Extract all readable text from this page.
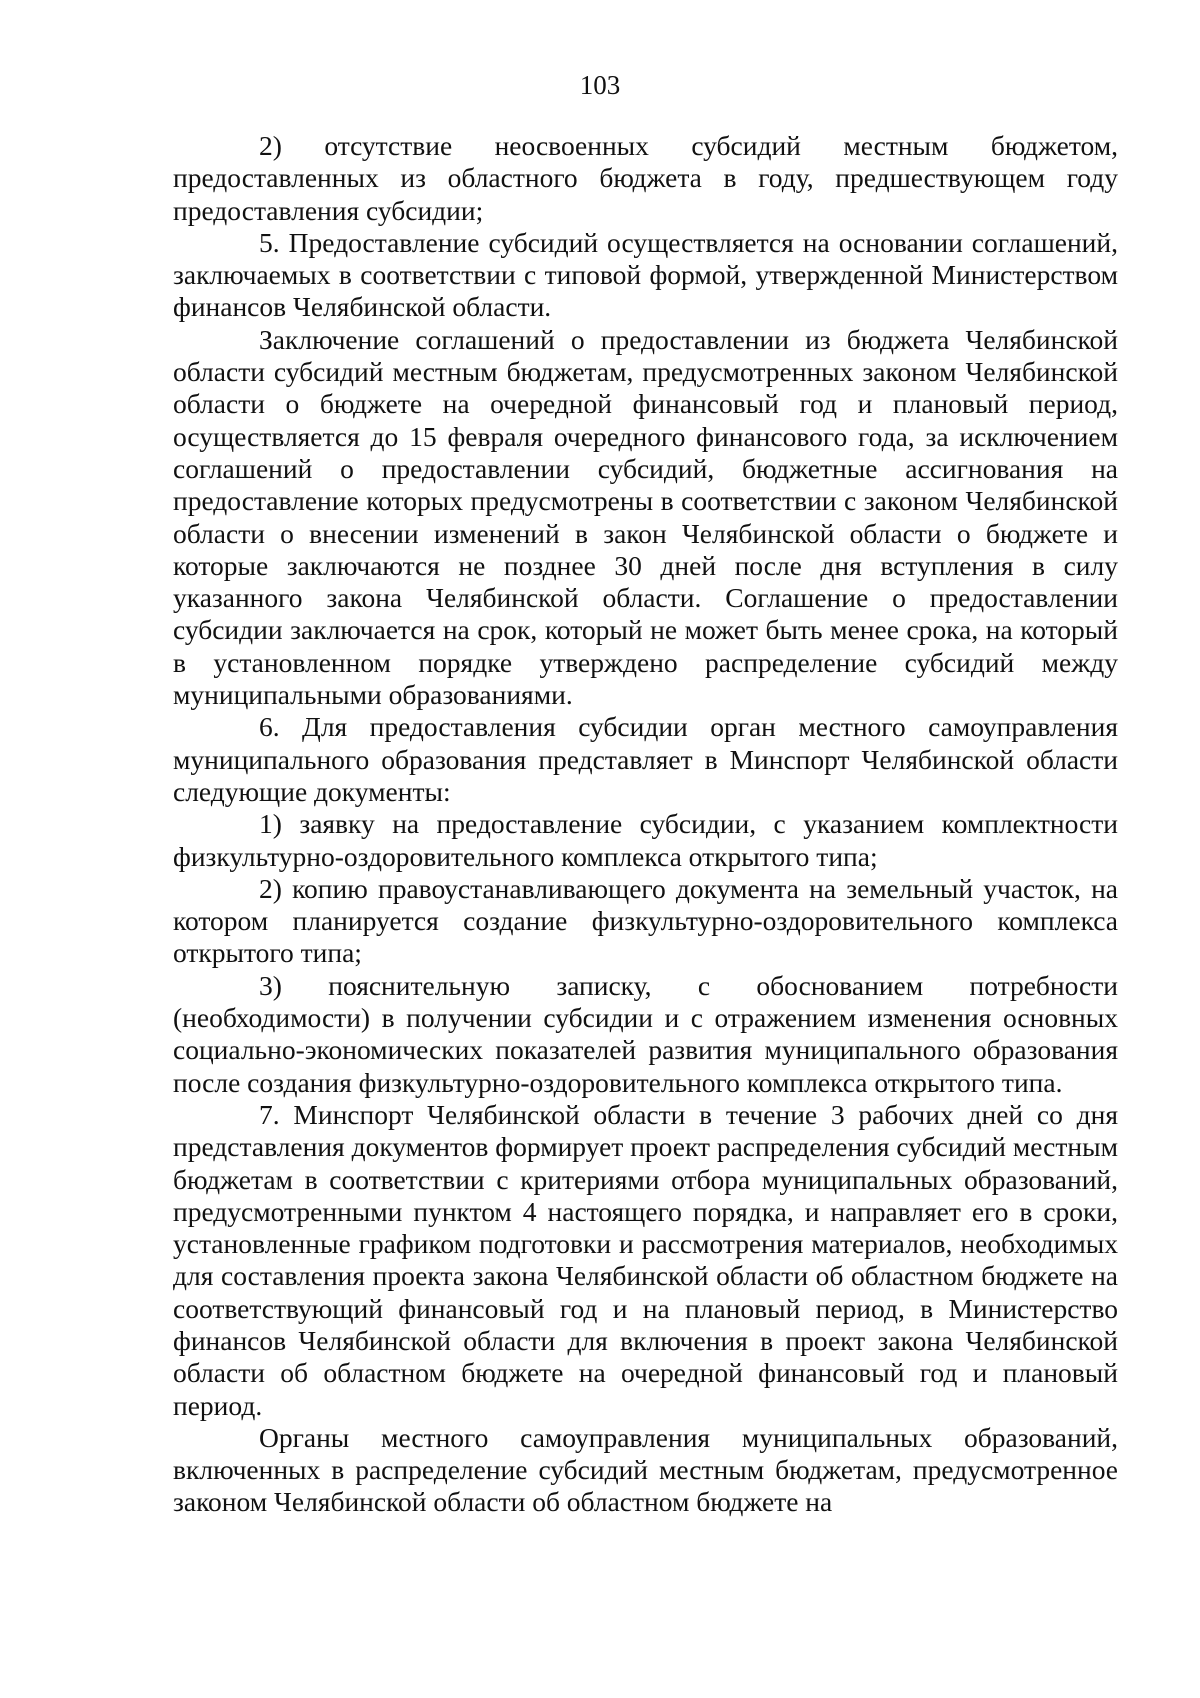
103

2) отсутствие неосвоенных субсидий местным бюджетом, предоставленных из областного бюджета в году, предшествующем году предоставления субсидии;

5. Предоставление субсидий осуществляется на основании соглашений, заключаемых в соответствии с типовой формой, утвержденной Министерством финансов Челябинской области.

Заключение соглашений о предоставлении из бюджета Челябинской области субсидий местным бюджетам, предусмотренных законом Челябинской области о бюджете на очередной финансовый год и плановый период, осуществляется до 15 февраля очередного финансового года, за исключением соглашений о предоставлении субсидий, бюджетные ассигнования на предоставление которых предусмотрены в соответствии с законом Челябинской области о внесении изменений в закон Челябинской области о бюджете и которые заключаются не позднее 30 дней после дня вступления в силу указанного закона Челябинской области. Соглашение о предоставлении субсидии заключается на срок, который не может быть менее срока, на который в установленном порядке утверждено распределение субсидий между муниципальными образованиями.

6. Для предоставления субсидии орган местного самоуправления муниципального образования представляет в Минспорт Челябинской области следующие документы:

1) заявку на предоставление субсидии, с указанием комплектности физкультурно-оздоровительного комплекса открытого типа;

2) копию правоустанавливающего документа на земельный участок, на котором планируется создание физкультурно-оздоровительного комплекса открытого типа;

3) пояснительную записку, с обоснованием потребности (необходимости) в получении субсидии и с отражением изменения основных социально-экономических показателей развития муниципального образования после создания физкультурно-оздоровительного комплекса открытого типа.

7. Минспорт Челябинской области в течение 3 рабочих дней со дня представления документов формирует проект распределения субсидий местным бюджетам в соответствии с критериями отбора муниципальных образований, предусмотренными пунктом 4 настоящего порядка, и направляет его в сроки, установленные графиком подготовки и рассмотрения материалов, необходимых для составления проекта закона Челябинской области об областном бюджете на соответствующий финансовый год и на плановый период, в Министерство финансов Челябинской области для включения в проект закона Челябинской области об областном бюджете на очередной финансовый год и плановый период.

Органы местного самоуправления муниципальных образований, включенных в распределение субсидий местным бюджетам, предусмотренное законом Челябинской области об областном бюджете на
